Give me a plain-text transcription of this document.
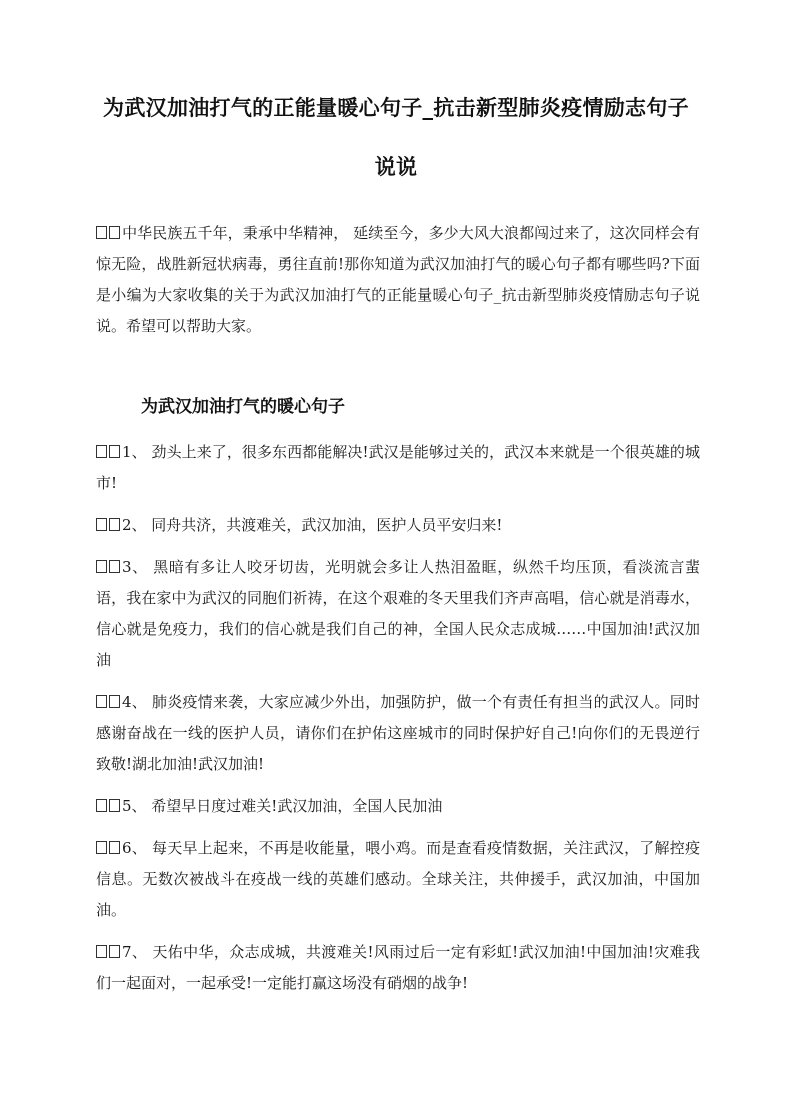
为武汉加油打气的正能量暖心句子_抗击新型肺炎疫情励志句子
说说
中华民族五千年，秉承中华精神， 延续至今，多少大风大浪都闯过来了，这次同样会有惊无险，战胜新冠状病毒，勇往直前!那你知道为武汉加油打气的暖心句子都有哪些吗?下面是小编为大家收集的关于为武汉加油打气的正能量暖心句子_抗击新型肺炎疫情励志句子说说。希望可以帮助大家。
为武汉加油打气的暖心句子

1、 劲头上来了，很多东西都能解决!武汉是能够过关的，武汉本来就是一个很英雄的城市!

2、 同舟共济，共渡难关，武汉加油，医护人员平安归来!

3、 黑暗有多让人咬牙切齿，光明就会多让人热泪盈眶，纵然千均压顶，看淡流言蜚语，我在家中为武汉的同胞们祈祷，在这个艰难的冬天里我们齐声高唱，信心就是消毒水，信心就是免疫力，我们的信心就是我们自己的神，全国人民众志成城……中国加油!武汉加油

4、 肺炎疫情来袭，大家应减少外出，加强防护，做一个有责任有担当的武汉人。同时感谢奋战在一线的医护人员，请你们在护佑这座城市的同时保护好自己!向你们的无畏逆行致敬!湖北加油!武汉加油!

5、 希望早日度过难关!武汉加油，全国人民加油

6、 每天早上起来，不再是收能量，喂小鸡。而是查看疫情数据，关注武汉，了解控疫信息。无数次被战斗在疫战一线的英雄们感动。全球关注，共伸援手，武汉加油，中国加油。

7、 天佑中华，众志成城，共渡难关!风雨过后一定有彩虹!武汉加油!中国加油!灾难我们一起面对，一起承受!一定能打赢这场没有硝烟的战争!
